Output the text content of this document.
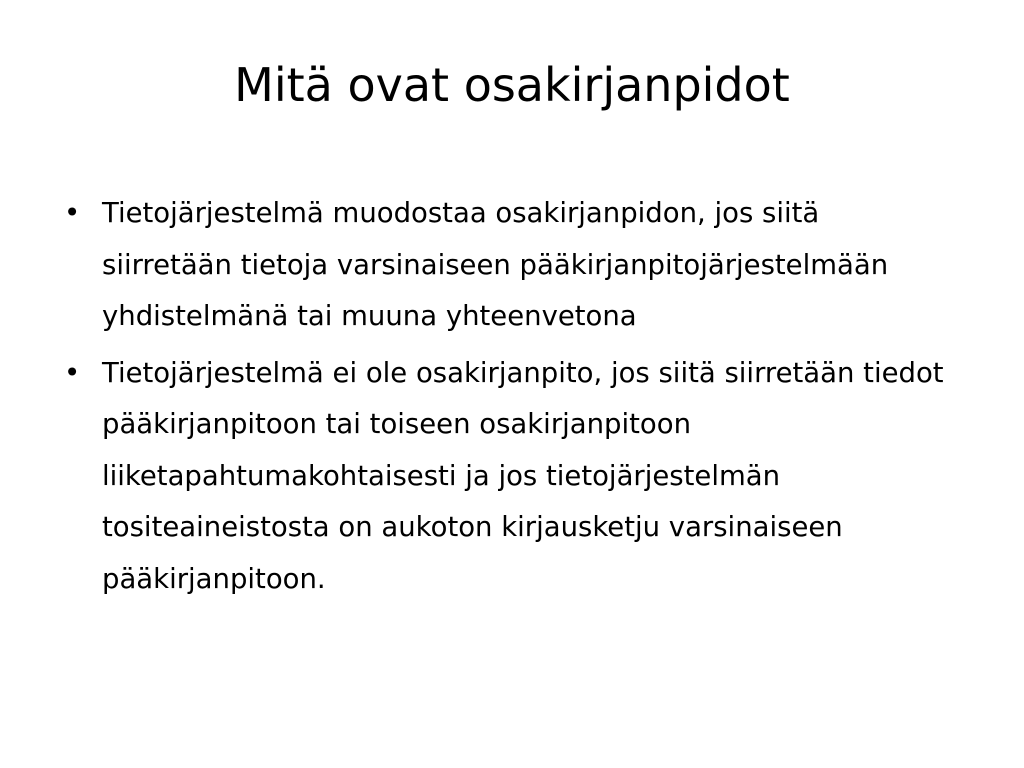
Mitä ovat osakirjanpidot
• Tietojärjestelmä muodostaa osakirjanpidon, jos siitä siirretään tietoja varsinaiseen pääkirjanpitojärjestelmään yhdistelmänä tai muuna yhteenvetona
• Tietojärjestelmä ei ole osakirjanpito, jos siitä siirretään tiedot pääkirjanpitoon tai toiseen osakirjanpitoon liiketapahtumakohtaisesti ja jos tietojärjestelmän tositeaineistosta on aukoton kirjausketju varsinaiseen pääkirjanpitoon.
